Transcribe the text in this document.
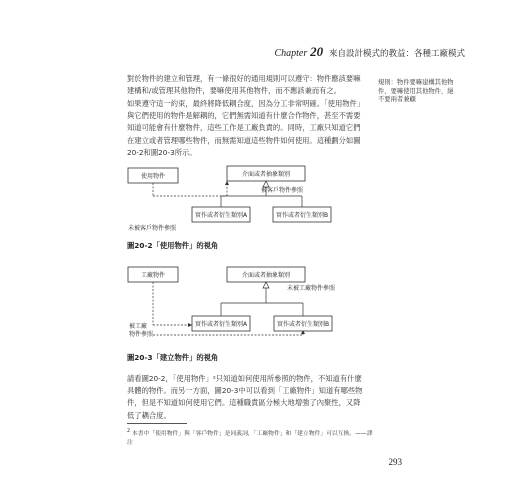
Chapter 20 來自設計模式的教益：各種工廠模式
對於物件的建立和管理，有一條很好的通用規則可以遵守：物件應該要嘛建構和/或管理其他物件，要嘛使用其他物件，而不應該兼而有之。
如果遵守這一約束，最終將降低耦合度，因為分工非常明確。「使用物件」與它們使用的物件是解耦的，它們無需知道有什麼合作物件，甚至不需要知道可能會有什麼物件，這些工作是工廠負責的。同時，工廠只知道它們在建立或者管理哪些物件，而無需知道這些物件如何使用。這種劃分如圖20-2和圖20-3所示。
規則：物件要嘛建構其他物件，要嘛使用其他物件，絕不要兩者兼顧
使用物件	介面或者抽象類別
被客戶物件參照
實作或者衍生類別A	實作或者衍生類別B
未被客戶物件參照
圖20-2「使用物件」的視角
工廠物件	介面或者抽象類別
未被工廠物件參照
實作或者衍生類別A	實作或者衍生類別B
被工廠
物件參照
圖20-3「建立物件」的視角
請看圖20-2，「使用物件」²只知道如何使用所參照的物件，不知道有什麼具體的物件。而另一方面，圖20-3中可以看到「工廠物件」知道有哪些物件，但是不知道如何使用它們。這種職責區分極大地增強了內聚性，又降低了耦合度。
$^2$ 本書中「使用物件」與「客戶物件」是同義詞，「工廠物件」和「建立物件」可以互換。——譯注
293
